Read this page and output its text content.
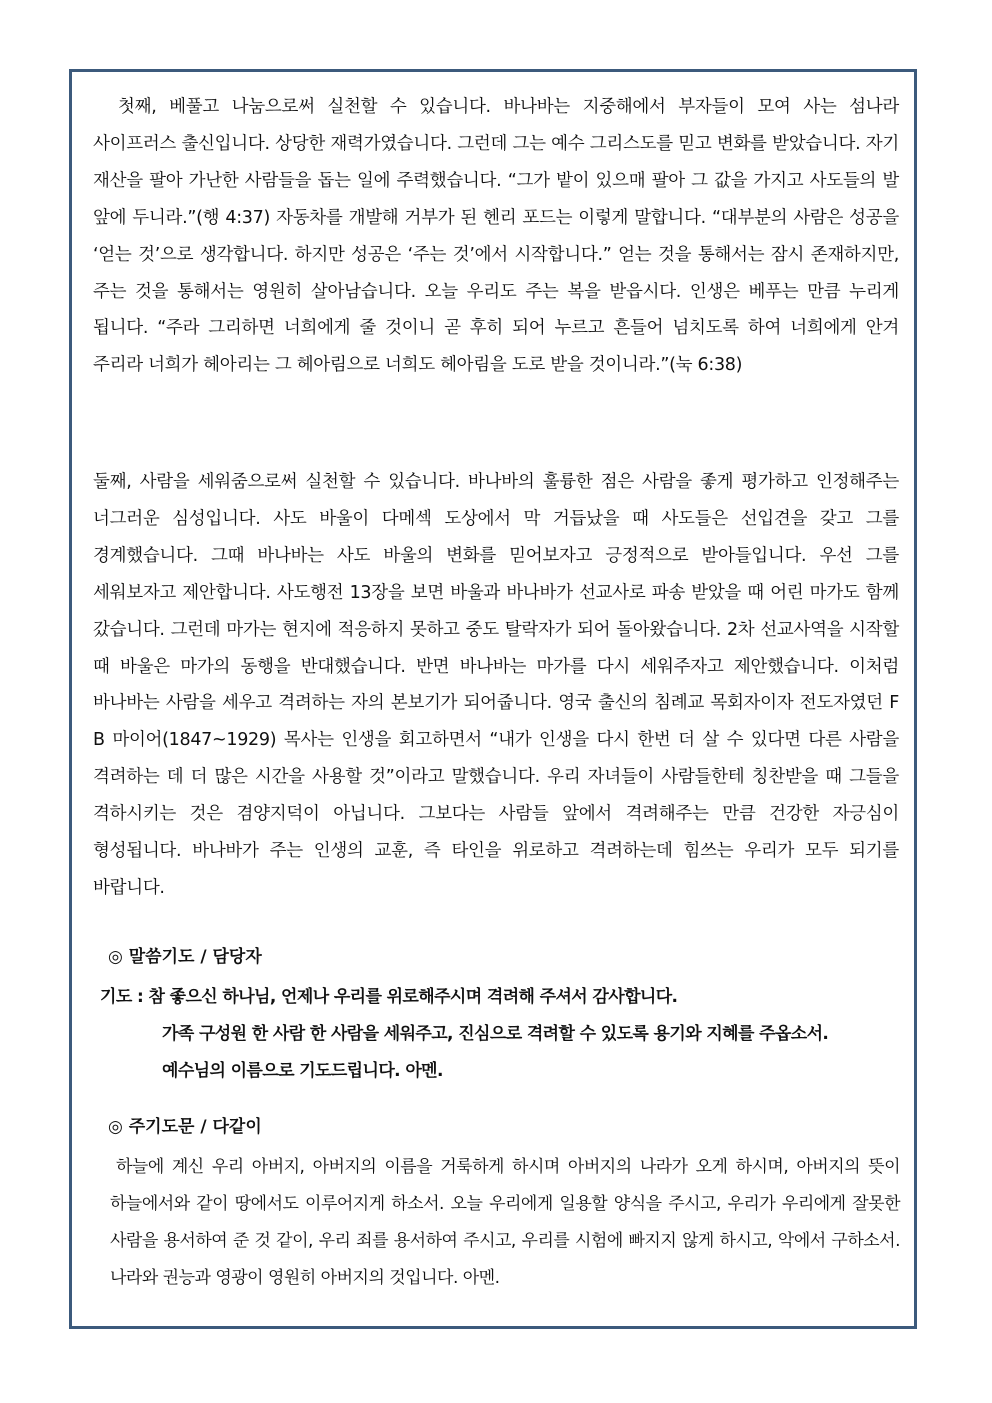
첫째, 베풀고 나눔으로써 실천할 수 있습니다. 바나바는 지중해에서 부자들이 모여 사는 섬나라 사이프러스 출신입니다. 상당한 재력가였습니다. 그런데 그는 예수 그리스도를 믿고 변화를 받았습니다. 자기 재산을 팔아 가난한 사람들을 돕는 일에 주력했습니다. “그가 밭이 있으매 팔아 그 값을 가지고 사도들의 발 앞에 두니라.”(행 4:37) 자동차를 개발해 거부가 된 헨리 포드는 이렇게 말합니다. “대부분의 사람은 성공을 ‘얻는 것’으로 생각합니다. 하지만 성공은 ‘주는 것’에서 시작합니다.” 얻는 것을 통해서는 잠시 존재하지만, 주는 것을 통해서는 영원히 살아남습니다. 오늘 우리도 주는 복을 받읍시다. 인생은 베푸는 만큼 누리게 됩니다. “주라 그리하면 너희에게 줄 것이니 곧 후히 되어 누르고 흔들어 넘치도록 하여 너희에게 안겨 주리라 너희가 헤아리는 그 헤아림으로 너희도 헤아림을 도로 받을 것이니라.”(눅 6:38)

둘째, 사람을 세워줌으로써 실천할 수 있습니다. 바나바의 훌륭한 점은 사람을 좋게 평가하고 인정해주는 너그러운 심성입니다. 사도 바울이 다메섹 도상에서 막 거듭났을 때 사도들은 선입견을 갖고 그를 경계했습니다. 그때 바나바는 사도 바울의 변화를 믿어보자고 긍정적으로 받아들입니다. 우선 그를 세워보자고 제안합니다. 사도행전 13장을 보면 바울과 바나바가 선교사로 파송 받았을 때 어린 마가도 함께 갔습니다. 그런데 마가는 현지에 적응하지 못하고 중도 탈락자가 되어 돌아왔습니다. 2차 선교사역을 시작할 때 바울은 마가의 동행을 반대했습니다. 반면 바나바는 마가를 다시 세워주자고 제안했습니다. 이처럼 바나바는 사람을 세우고 격려하는 자의 본보기가 되어줍니다. 영국 출신의 침례교 목회자이자 전도자였던 F B 마이어(1847~1929) 목사는 인생을 회고하면서 “내가 인생을 다시 한번 더 살 수 있다면 다른 사람을 격려하는 데 더 많은 시간을 사용할 것”이라고 말했습니다. 우리 자녀들이 사람들한테 칭찬받을 때 그들을 격하시키는 것은 겸양지덕이 아닙니다. 그보다는 사람들 앞에서 격려해주는 만큼 건강한 자긍심이 형성됩니다. 바나바가 주는 인생의 교훈, 즉 타인을 위로하고 격려하는데 힘쓰는 우리가 모두 되기를 바랍니다.

◎ 말씀기도 / 담당자

기도 : 참 좋으신 하나님, 언제나 우리를 위로해주시며 격려해 주셔서 감사합니다.
가족 구성원 한 사람 한 사람을 세워주고, 진심으로 격려할 수 있도록 용기와 지혜를 주옵소서.
예수님의 이름으로 기도드립니다. 아멘.

◎ 주기도문 / 다같이

하늘에 계신 우리 아버지, 아버지의 이름을 거룩하게 하시며 아버지의 나라가 오게 하시며, 아버지의 뜻이 하늘에서와 같이 땅에서도 이루어지게 하소서. 오늘 우리에게 일용할 양식을 주시고, 우리가 우리에게 잘못한 사람을 용서하여 준 것 같이, 우리 죄를 용서하여 주시고, 우리를 시험에 빠지지 않게 하시고, 악에서 구하소서. 나라와 권능과 영광이 영원히 아버지의 것입니다. 아멘.
